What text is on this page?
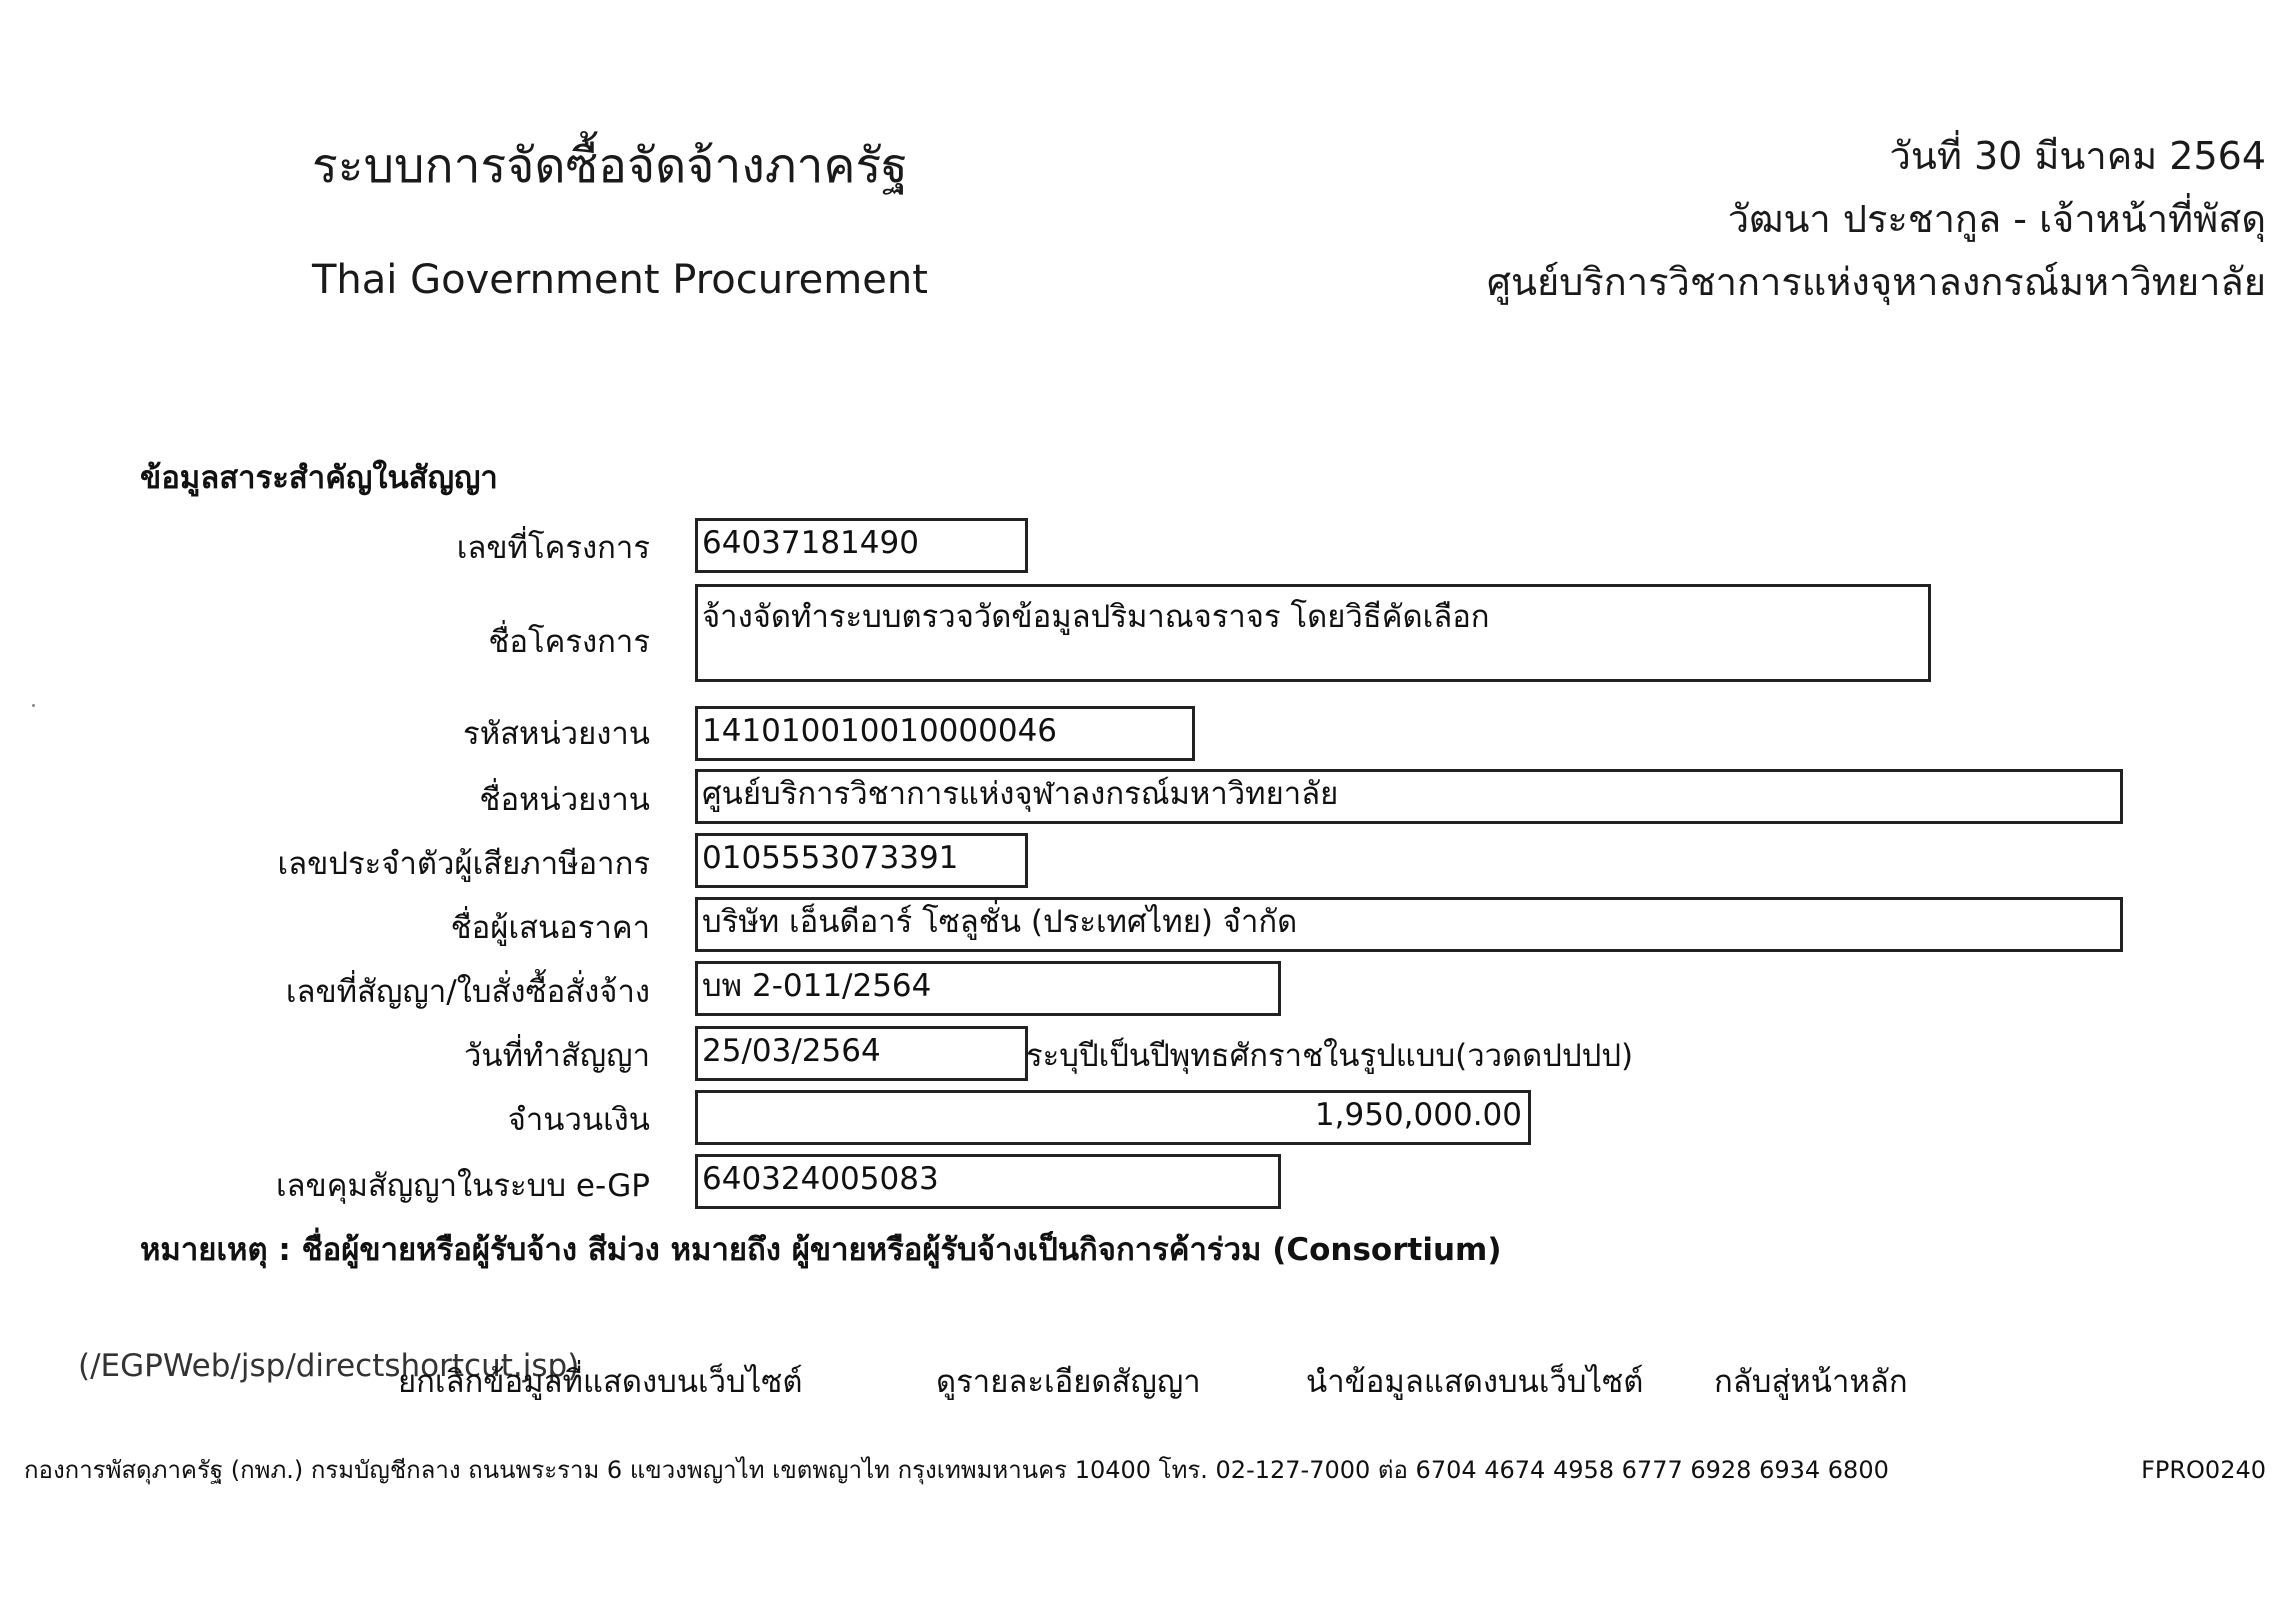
ระบบการจัดซื้อจัดจ้างภาครัฐ
Thai Government Procurement
วันที่ 30 มีนาคม 2564
วัฒนา ประชากูล - เจ้าหน้าที่พัสดุ
ศูนย์บริการวิชาการแห่งจุหาลงกรณ์มหาวิทยาลัย
ข้อมูลสาระสำคัญในสัญญา
เลขที่โครงการ 64037181490
ชื่อโครงการ
จ้างจัดทำระบบตรวจวัดข้อมูลปริมาณจราจร โดยวิธีคัดเลือก
รหัสหน่วยงาน 141010010010000046
ชื่อหน่วยงาน ศูนย์บริการวิชาการแห่งจุฬาลงกรณ์มหาวิทยาลัย
เลขประจำตัวผู้เสียภาษีอากร 0105553073391
ชื่อผู้เสนอราคา บริษัท เอ็นดีอาร์ โซลูชั่น (ประเทศไทย) จำกัด
เลขที่สัญญา/ใบสั่งซื้อสั่งจ้าง บพ 2-011/2564
วันที่ทำสัญญา 25/03/2564	ระบุปีเป็นปีพุทธศักราชในรูปแบบ(ววดดปปปป)
จำนวนเงิน	1,950,000.00
เลขคุมสัญญาในระบบ e-GP 640324005083
หมายเหตุ : ชื่อผู้ขายหรือผู้รับจ้าง สีม่วง หมายถึง ผู้ขายหรือผู้รับจ้างเป็นกิจการค้าร่วม (Consortium)
(/EGPWeb/jsp/directshortcut.jsp)
ยกเลิกข้อมูลที่แสดงบนเว็บไซต์	ดูรายละเอียดสัญญา	นำข้อมูลแสดงบนเว็บไซต์ กลับสู่หน้าหลัก
กองการพัสดุภาครัฐ (กพภ.) กรมบัญชีกลาง ถนนพระราม 6 แขวงพญาไท เขตพญาไท กรุงเทพมหานคร 10400 โทร. 02-127-7000 ต่อ 6704 4674 4958 6777 6928 6934 6800	FPRO0240
